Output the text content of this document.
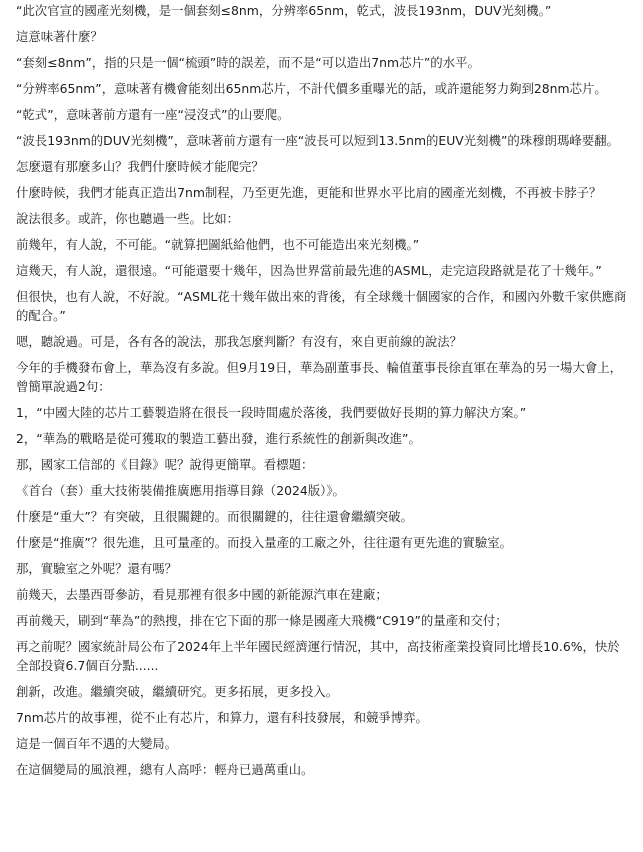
“此次官宣的國產光刻機，是一個套刻≤8nm，分辨率65nm，乾式，波長193nm，DUV光刻機。”

這意味著什麼？

“套刻≤8nm”，指的只是一個“梳頭”時的誤差，而不是“可以造出7nm芯片”的水平。

“分辨率65nm”，意味著有機會能刻出65nm芯片，不計代價多重曝光的話，或許還能努力夠到28nm芯片。

“乾式”，意味著前方還有一座“浸沒式”的山要爬。

“波長193nm的DUV光刻機”，意味著前方還有一座“波長可以短到13.5nm的EUV光刻機”的珠穆朗瑪峰要翻。

怎麼還有那麼多山？我們什麼時候才能爬完？

什麼時候，我們才能真正造出7nm制程，乃至更先進，更能和世界水平比肩的國產光刻機，不再被卡脖子？

說法很多。或許，你也聽過一些。比如：

前幾年，有人說，不可能。“就算把圖紙給他們，也不可能造出來光刻機。”

這幾天，有人說，還很遠。“可能還要十幾年，因為世界當前最先進的ASML，走完這段路就是花了十幾年。”

但很快，也有人說，不好說。“ASML花十幾年做出來的背後，有全球幾十個國家的合作，和國內外數千家供應商的配合。”

嗯，聽說過。可是，各有各的說法，那我怎麼判斷？有沒有，來自更前線的說法？

今年的手機發布會上，華為沒有多說。但9月19日，華為副董事長、輪值董事長徐直軍在華為的另一場大會上，曾簡單說過2句：

1，“中國大陸的芯片工藝製造將在很長一段時間處於落後，我們要做好長期的算力解決方案。”

2，“華為的戰略是從可獲取的製造工藝出發，進行系統性的創新與改進”。

那，國家工信部的《目錄》呢？說得更簡單。看標題：

《首台（套）重大技術裝備推廣應用指導目錄（2024版）》。

什麼是“重大”？有突破，且很關鍵的。而很關鍵的，往往還會繼續突破。

什麼是“推廣”？很先進，且可量產的。而投入量產的工廠之外，往往還有更先進的實驗室。

那，實驗室之外呢？還有嗎？

前幾天，去墨西哥參訪，看見那裡有很多中國的新能源汽車在建廠；

再前幾天，刷到“華為”的熱搜，排在它下面的那一條是國產大飛機“C919”的量產和交付；

再之前呢？國家統計局公布了2024年上半年國民經濟運行情況，其中，高技術產業投資同比增長10.6%，快於全部投資6.7個百分點......

創新，改進。繼續突破，繼續研究。更多拓展，更多投入。

7nm芯片的故事裡，從不止有芯片，和算力，還有科技發展，和競爭博弈。

這是一個百年不遇的大變局。

在這個變局的風浪裡，總有人高呼：輕舟已過萬重山。
